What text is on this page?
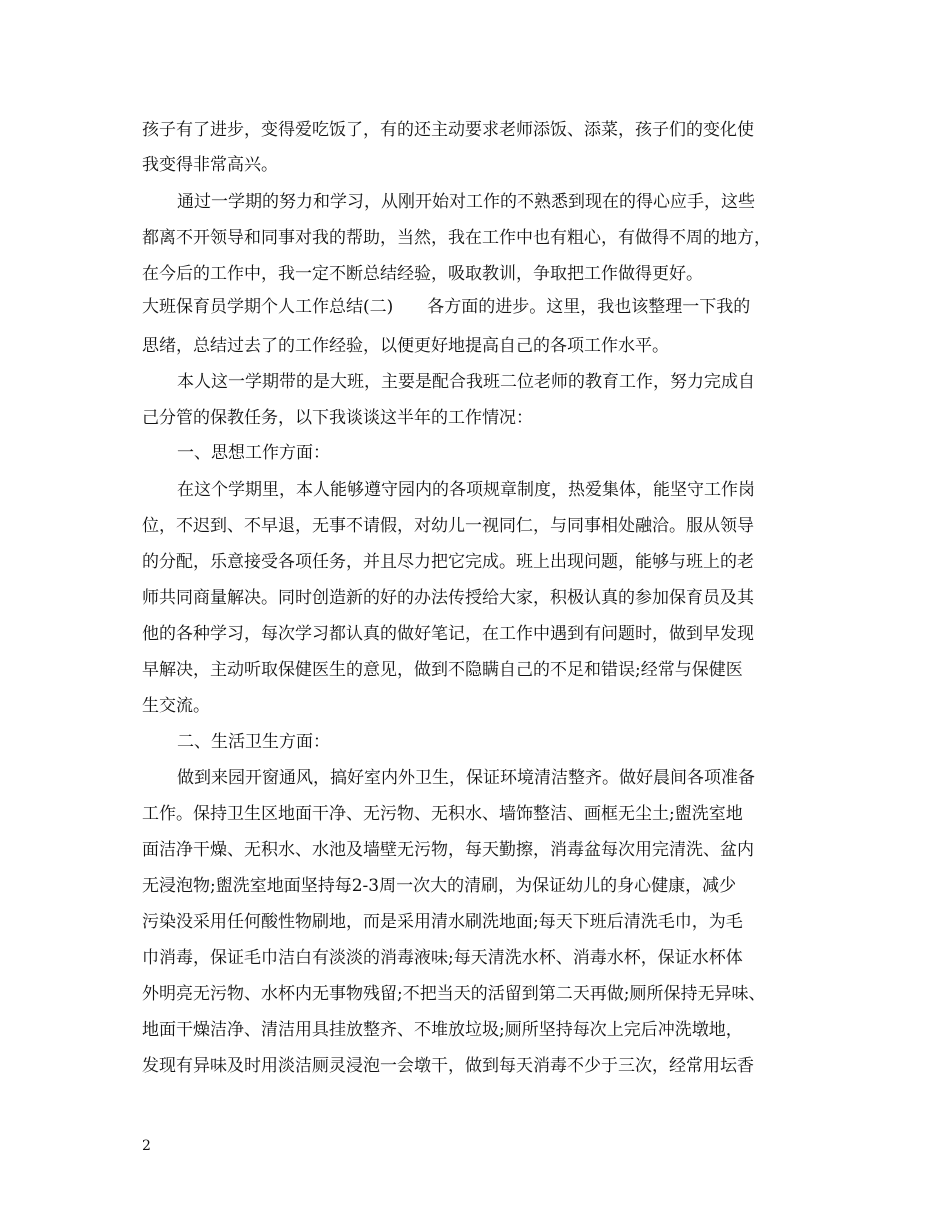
孩子有了进步，变得爱吃饭了，有的还主动要求老师添饭、添菜，孩子们的变化使
我变得非常高兴。
通过一学期的努力和学习，从刚开始对工作的不熟悉到现在的得心应手，这些
都离不开领导和同事对我的帮助，当然，我在工作中也有粗心，有做得不周的地方，
在今后的工作中，我一定不断总结经验，吸取教训，争取把工作做得更好。
大班保育员学期个人工作总结(二)　　各方面的进步。这里，我也该整理一下我的
思绪，总结过去了的工作经验，以便更好地提高自己的各项工作水平。
本人这一学期带的是大班，主要是配合我班二位老师的教育工作，努力完成自
己分管的保教任务，以下我谈谈这半年的工作情况：
一、思想工作方面：
在这个学期里，本人能够遵守园内的各项规章制度，热爱集体，能坚守工作岗
位，不迟到、不早退，无事不请假，对幼儿一视同仁，与同事相处融洽。服从领导
的分配，乐意接受各项任务，并且尽力把它完成。班上出现问题，能够与班上的老
师共同商量解决。同时创造新的好的办法传授给大家，积极认真的参加保育员及其
他的各种学习，每次学习都认真的做好笔记，在工作中遇到有问题时，做到早发现
早解决，主动听取保健医生的意见，做到不隐瞒自己的不足和错误;经常与保健医
生交流。
二、生活卫生方面：
做到来园开窗通风，搞好室内外卫生，保证环境清洁整齐。做好晨间各项准备
工作。保持卫生区地面干净、无污物、无积水、墙饰整洁、画框无尘土;盥洗室地
面洁净干燥、无积水、水池及墙壁无污物，每天勤擦，消毒盆每次用完清洗、盆内
无浸泡物;盥洗室地面坚持每2-3周一次大的清刷，为保证幼儿的身心健康，减少
污染没采用任何酸性物刷地，而是采用清水刷洗地面;每天下班后清洗毛巾，为毛
巾消毒，保证毛巾洁白有淡淡的消毒液味;每天清洗水杯、消毒水杯，保证水杯体
外明亮无污物、水杯内无事物残留;不把当天的活留到第二天再做;厕所保持无异味、
地面干燥洁净、清洁用具挂放整齐、不堆放垃圾;厕所坚持每次上完后冲洗墩地，
发现有异味及时用淡洁厕灵浸泡一会墩干，做到每天消毒不少于三次，经常用坛香
2
